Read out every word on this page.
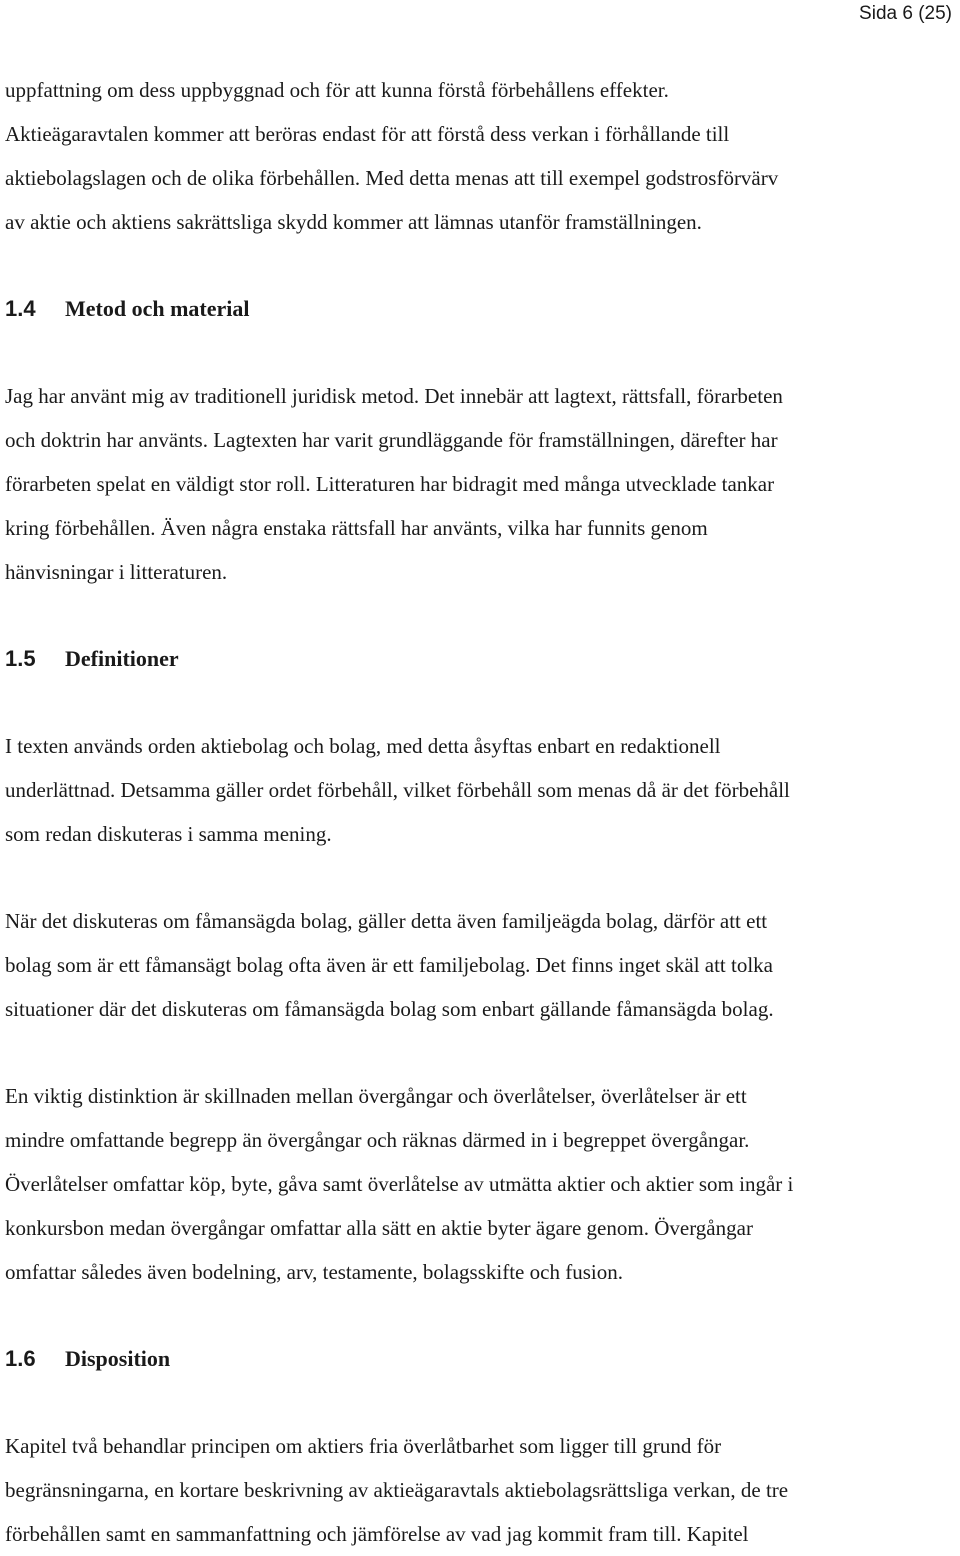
Sida 6 (25)

uppfattning om dess uppbyggnad och för att kunna förstå förbehållens effekter.
Aktieägaravtalen kommer att beröras endast för att förstå dess verkan i förhållande till
aktiebolagslagen och de olika förbehållen. Med detta menas att till exempel godstrosförvärv
av aktie och aktiens sakrättsliga skydd kommer att lämnas utanför framställningen.

1.4 Metod och material

Jag har använt mig av traditionell juridisk metod. Det innebär att lagtext, rättsfall, förarbeten
och doktrin har använts. Lagtexten har varit grundläggande för framställningen, därefter har
förarbeten spelat en väldigt stor roll. Litteraturen har bidragit med många utvecklade tankar
kring förbehållen. Även några enstaka rättsfall har använts, vilka har funnits genom
hänvisningar i litteraturen.

1.5 Definitioner

I texten används orden aktiebolag och bolag, med detta åsyftas enbart en redaktionell
underlättnad. Detsamma gäller ordet förbehåll, vilket förbehåll som menas då är det förbehåll
som redan diskuteras i samma mening.

När det diskuteras om fåmansägda bolag, gäller detta även familjeägda bolag, därför att ett
bolag som är ett fåmansägt bolag ofta även är ett familjebolag. Det finns inget skäl att tolka
situationer där det diskuteras om fåmansägda bolag som enbart gällande fåmansägda bolag.

En viktig distinktion är skillnaden mellan övergångar och överlåtelser, överlåtelser är ett
mindre omfattande begrepp än övergångar och räknas därmed in i begreppet övergångar.
Överlåtelser omfattar köp, byte, gåva samt överlåtelse av utmätta aktier och aktier som ingår i
konkursbon medan övergångar omfattar alla sätt en aktie byter ägare genom. Övergångar
omfattar således även bodelning, arv, testamente, bolagsskifte och fusion.

1.6 Disposition

Kapitel två behandlar principen om aktiers fria överlåtbarhet som ligger till grund för
begränsningarna, en kortare beskrivning av aktieägaravtals aktiebolagsrättsliga verkan, de tre
förbehållen samt en sammanfattning och jämförelse av vad jag kommit fram till. Kapitel
